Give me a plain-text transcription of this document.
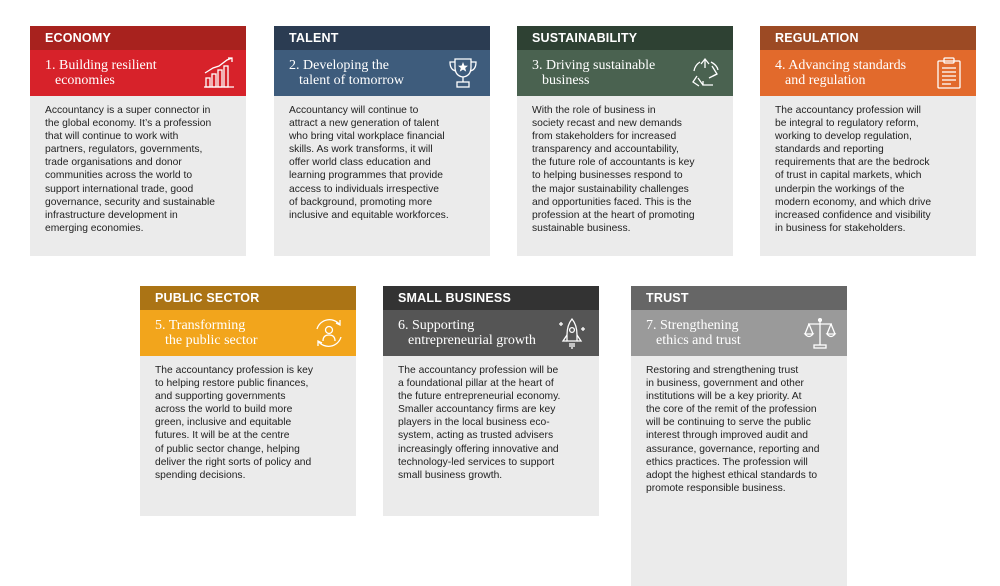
ECONOMY
1. Building resilient
economies
Accountancy is a super connector in
the global economy. It’s a profession
that will continue to work with
partners, regulators, governments,
trade organisations and donor
communities across the world to
support international trade, good
governance, security and sustainable
infrastructure development in
emerging economies.
TALENT
2. Developing the
talent of tomorrow
Accountancy will continue to
attract a new generation of talent
who bring vital workplace financial
skills. As work transforms, it will
offer world class education and
learning programmes that provide
access to individuals irrespective
of background, promoting more
inclusive and equitable workforces.
SUSTAINABILITY
3. Driving sustainable
business
With the role of business in
society recast and new demands
from stakeholders for increased
transparency and accountability,
the future role of accountants is key
to helping businesses respond to
the major sustainability challenges
and opportunities faced. This is the
profession at the heart of promoting
sustainable business.
REGULATION
4. Advancing standards
and regulation
The accountancy profession will
be integral to regulatory reform,
working to develop regulation,
standards and reporting
requirements that are the bedrock
of trust in capital markets, which
underpin the workings of the
modern economy, and which drive
increased confidence and visibility
in business for stakeholders.
PUBLIC SECTOR
5. Transforming
the public sector
The accountancy profession is key
to helping restore public finances,
and supporting governments
across the world to build more
green, inclusive and equitable
futures. It will be at the centre
of public sector change, helping
deliver the right sorts of policy and
spending decisions.
SMALL BUSINESS
6. Supporting
entrepreneurial growth
The accountancy profession will be
a foundational pillar at the heart of
the future entrepreneurial economy.
Smaller accountancy firms are key
players in the local business eco-
system, acting as trusted advisers
increasingly offering innovative and
technology-led services to support
small business growth.
TRUST
7. Strengthening
ethics and trust
Restoring and strengthening trust
in business, government and other
institutions will be a key priority. At
the core of the remit of the profession
will be continuing to serve the public
interest through improved audit and
assurance, governance, reporting and
ethics practices. The profession will
adopt the highest ethical standards to
promote responsible business.
